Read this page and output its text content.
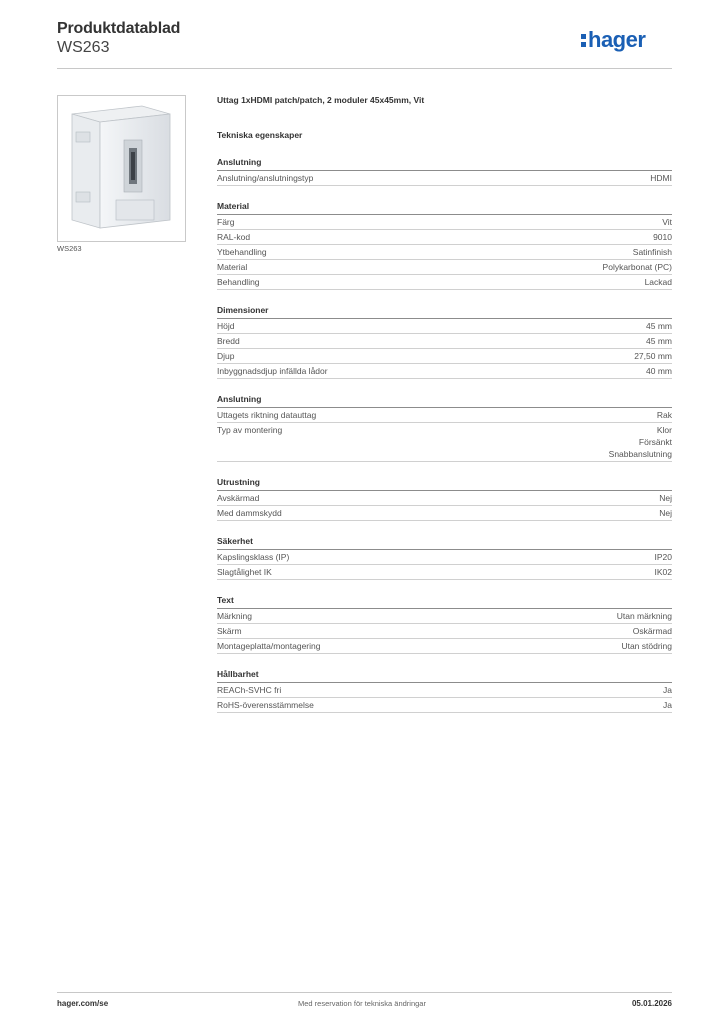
Produktdatablad
WS263	hager
WS263
Uttag 1xHDMI patch/patch, 2 moduler 45x45mm, Vit
Tekniska egenskaper
Anslutning
Anslutning/anslutningstyp	HDMI
Material
Färg	Vit
RAL-kod	9010
Ytbehandling	Satinfinish
Material	Polykarbonat (PC)
Behandling	Lackad
Dimensioner
Höjd	45 mm
Bredd	45 mm
Djup	27,50 mm
Inbyggnadsdjup infällda lådor	40 mm
Anslutning
Uttagets riktning datauttag	Rak
Typ av montering	Klor
Försänkt
Snabbanslutning
Utrustning
Avskärmad	Nej
Med dammskydd	Nej
Säkerhet
Kapslingsklass (IP)	IP20
Slagtålighet IK	IK02
Text
Märkning	Utan märkning
Skärm	Oskärmad
Montageplatta/montagering	Utan stödring
Hållbarhet
REACh-SVHC fri	Ja
RoHS-överensstämmelse	Ja
hager.com/se	Med reservation för tekniska ändringar	05.01.2026
